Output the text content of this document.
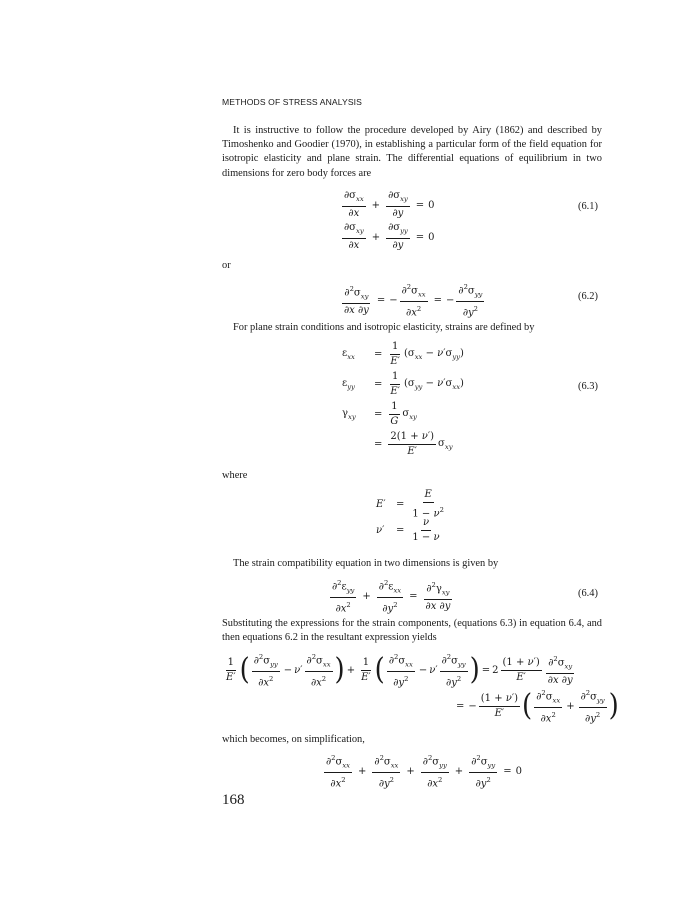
METHODS OF STRESS ANALYSIS
It is instructive to follow the procedure developed by Airy (1862) and described by Timoshenko and Goodier (1970), in establishing a particular form of the field equation for isotropic elasticity and plane strain. The differential equations of equilibrium in two dimensions for zero body forces are
$\frac{\partial\sigma_{xx}}{\partial x} + \frac{\partial\sigma_{xy}}{\partial y} = 0$	(6.1)
$\frac{\partial\sigma_{xy}}{\partial x} + \frac{\partial\sigma_{yy}}{\partial y} = 0$
or
$\frac{\partial^2\sigma_{xy}}{\partial x \partial y}$ = − $\frac{\partial^2\sigma_{xx}}{\partial x^2}$ = − $\frac{\partial^2\sigma_{yy}}{\partial y^2}$	(6.2)
For plane strain conditions and isotropic elasticity, strains are defined by
$\varepsilon_{xx}$	= $\frac{1}{E'} (\sigma_{xx} - \nu'\sigma_{yy})$
$\varepsilon_{yy}$	= $\frac{1}{E'} (\sigma_{yy} - \nu'\sigma_{xx})$	(6.3)
$\gamma_{xy}$	= $\frac{1}{G} \sigma_{xy}$
= $\frac{2(1 + \nu')}{E'} \sigma_{xy}$
where
E′	= $\frac{E}{1 - \nu^2}$
ν′	= $\frac{\nu}{1 - \nu}$
The strain compatibility equation in two dimensions is given by
$\frac{\partial^2\varepsilon_{yy}}{\partial x^2} + \frac{\partial^2\varepsilon_{xx}}{\partial y^2} = \frac{\partial^2\gamma_{xy}}{\partial x \partial y}$	(6.4)
Substituting the expressions for the strain components, (equations 6.3) in equation 6.4, and then equations 6.2 in the resultant expression yields
$\frac{1}{E'}$ ( $\frac{\partial^2\sigma_{yy}}{\partial x^2} - \nu' \frac{\partial^2\sigma_{xx}}{\partial x^2}$ ) + $\frac{1}{E'}$ ( $\frac{\partial^2\sigma_{xx}}{\partial y^2} - \nu' \frac{\partial^2\sigma_{yy}}{\partial y^2}$ ) = $2 \frac{(1 + \nu')}{E'} \frac{\partial^2\sigma_{xy}}{\partial x \partial y}$
= − $\frac{(1 + \nu')}{E'}$ ( $\frac{\partial^2\sigma_{xx}}{\partial x^2} + \frac{\partial^2\sigma_{yy}}{\partial y^2}$ )
which becomes, on simplification,
$\frac{\partial^2\sigma_{xx}}{\partial x^2} + \frac{\partial^2\sigma_{xx}}{\partial y^2} + \frac{\partial^2\sigma_{yy}}{\partial x^2} + \frac{\partial^2\sigma_{yy}}{\partial y^2} = 0$
168
